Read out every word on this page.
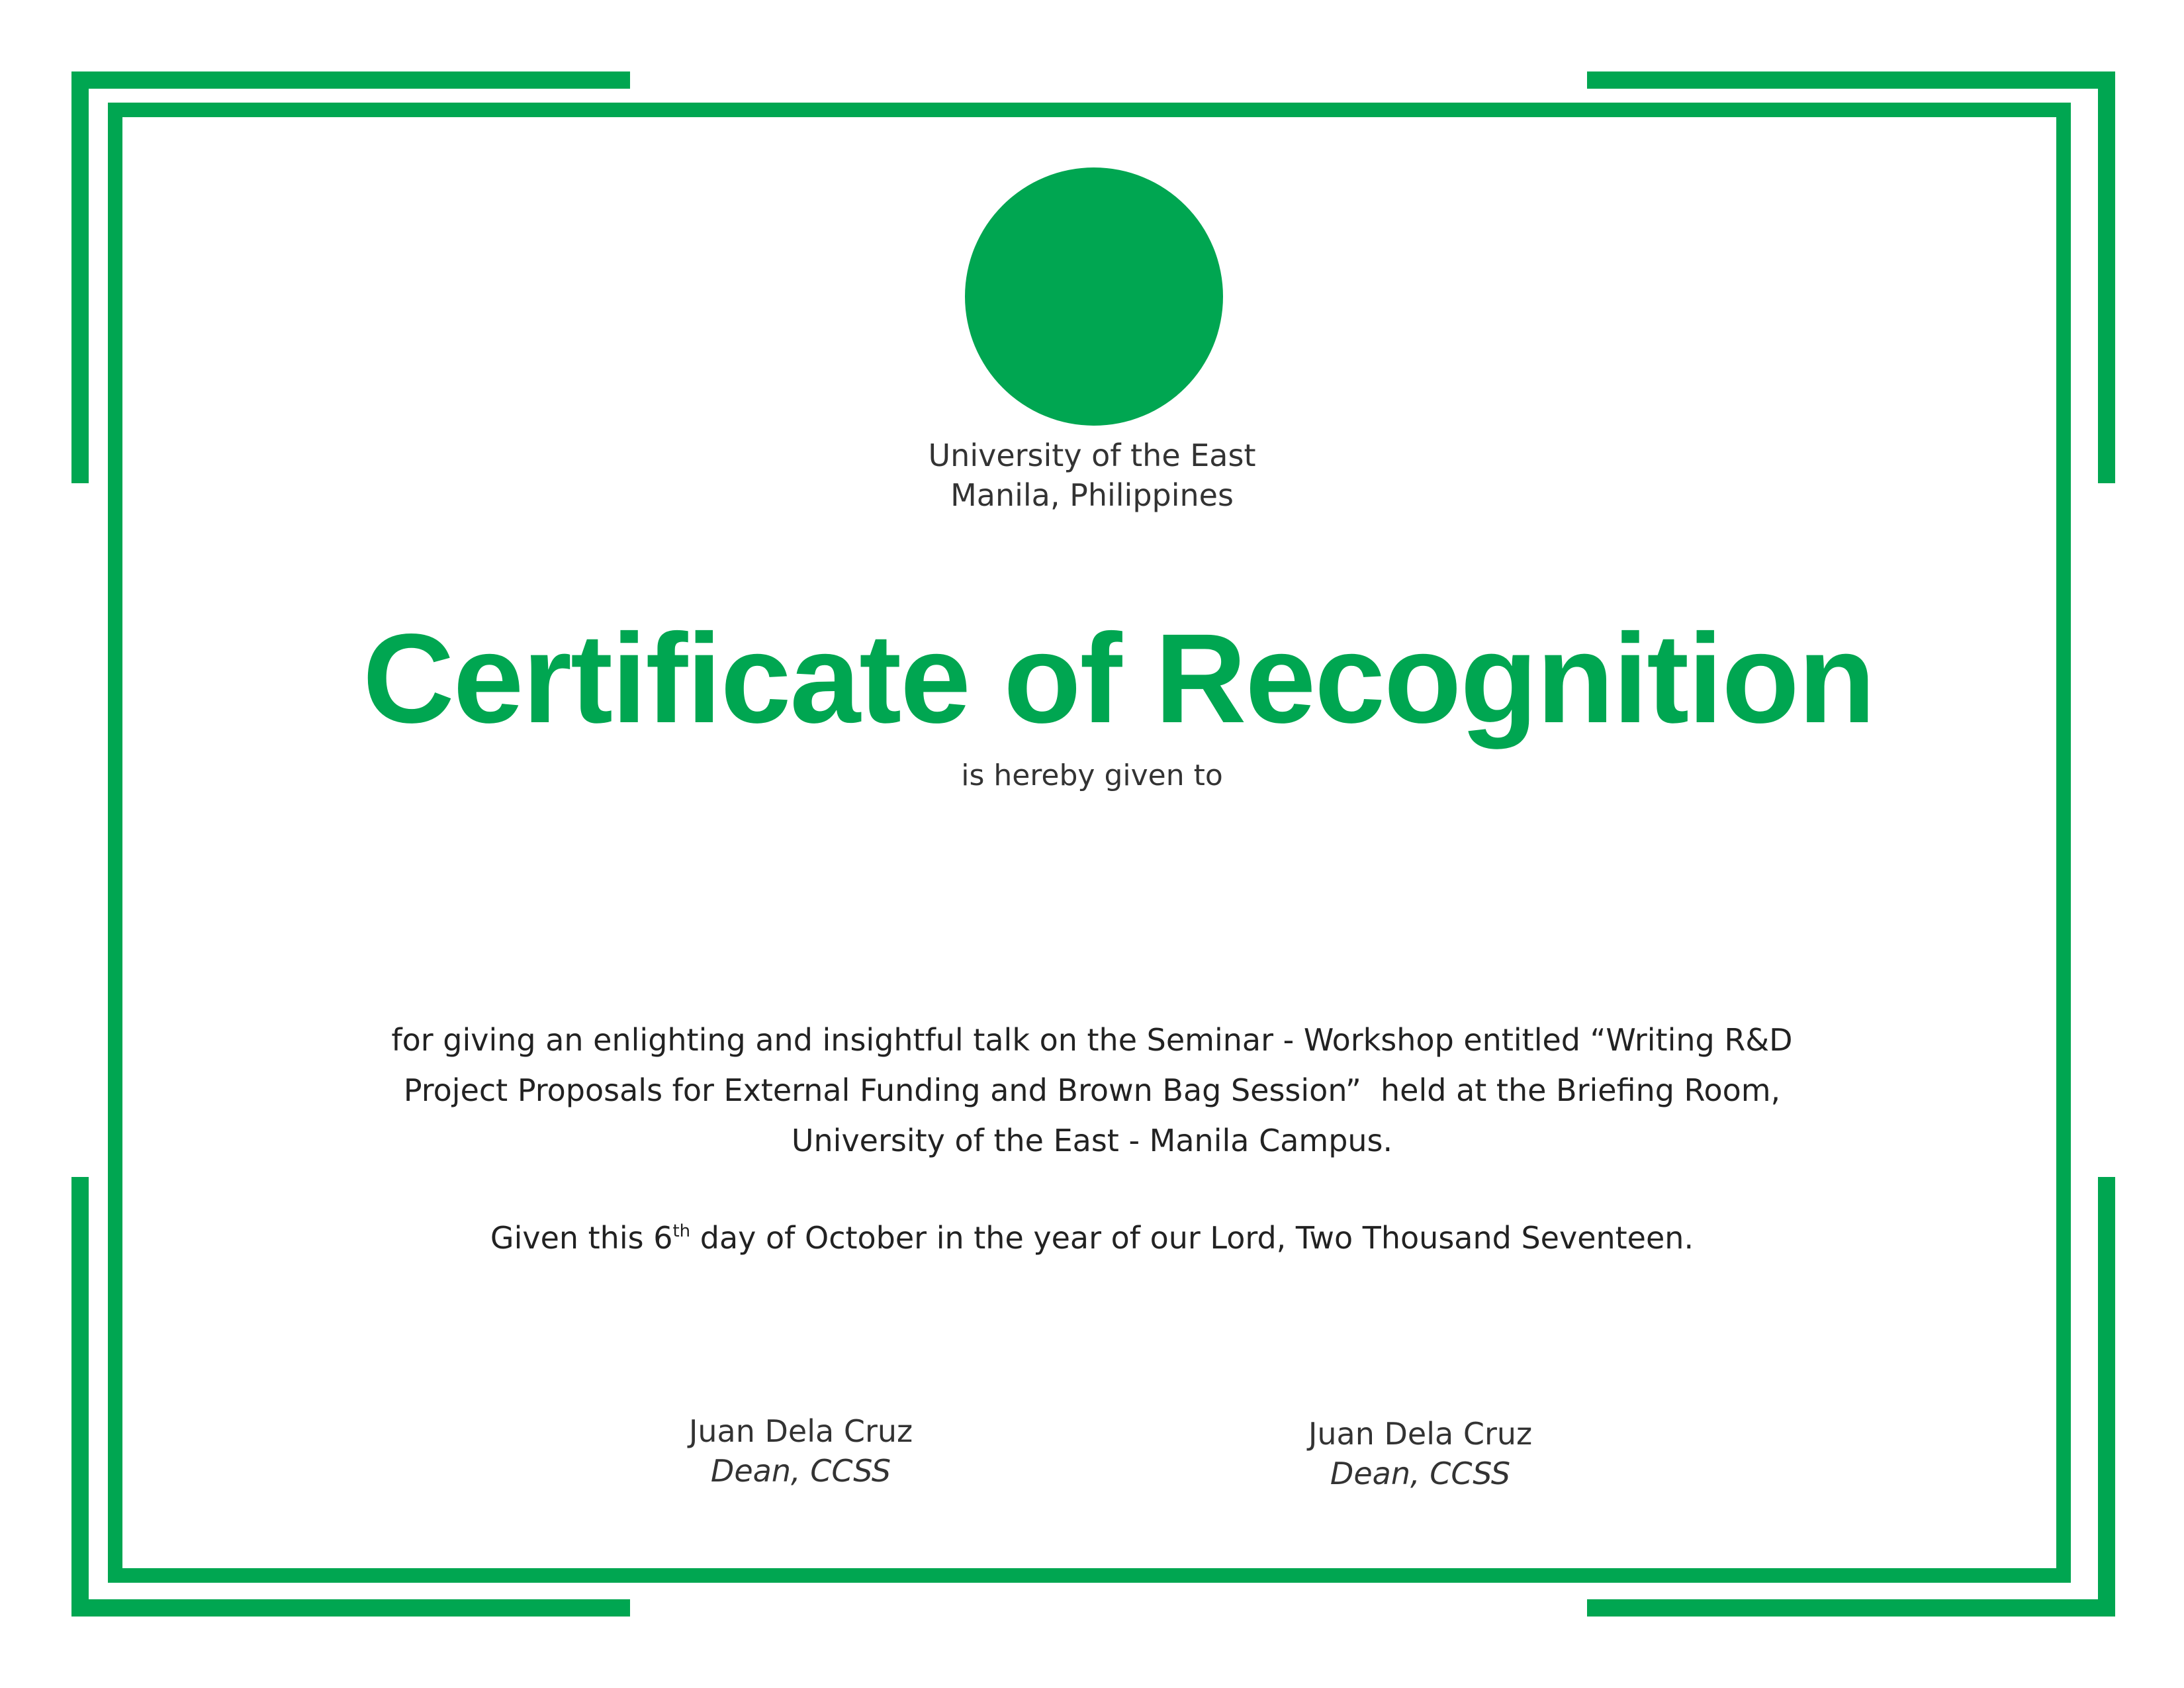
University of the East
Manila, Philippines
Certificate of Recognition
is hereby given to
for giving an enlighting and insightful talk on the Seminar - Workshop entitled “Writing R&D
Project Proposals for External Funding and Brown Bag Session”  held at the Briefing Room,
University of the East - Manila Campus.
Given this 6th day of October in the year of our Lord, Two Thousand Seventeen.
Juan Dela Cruz
Dean, CCSS
Juan Dela Cruz
Dean, CCSS
